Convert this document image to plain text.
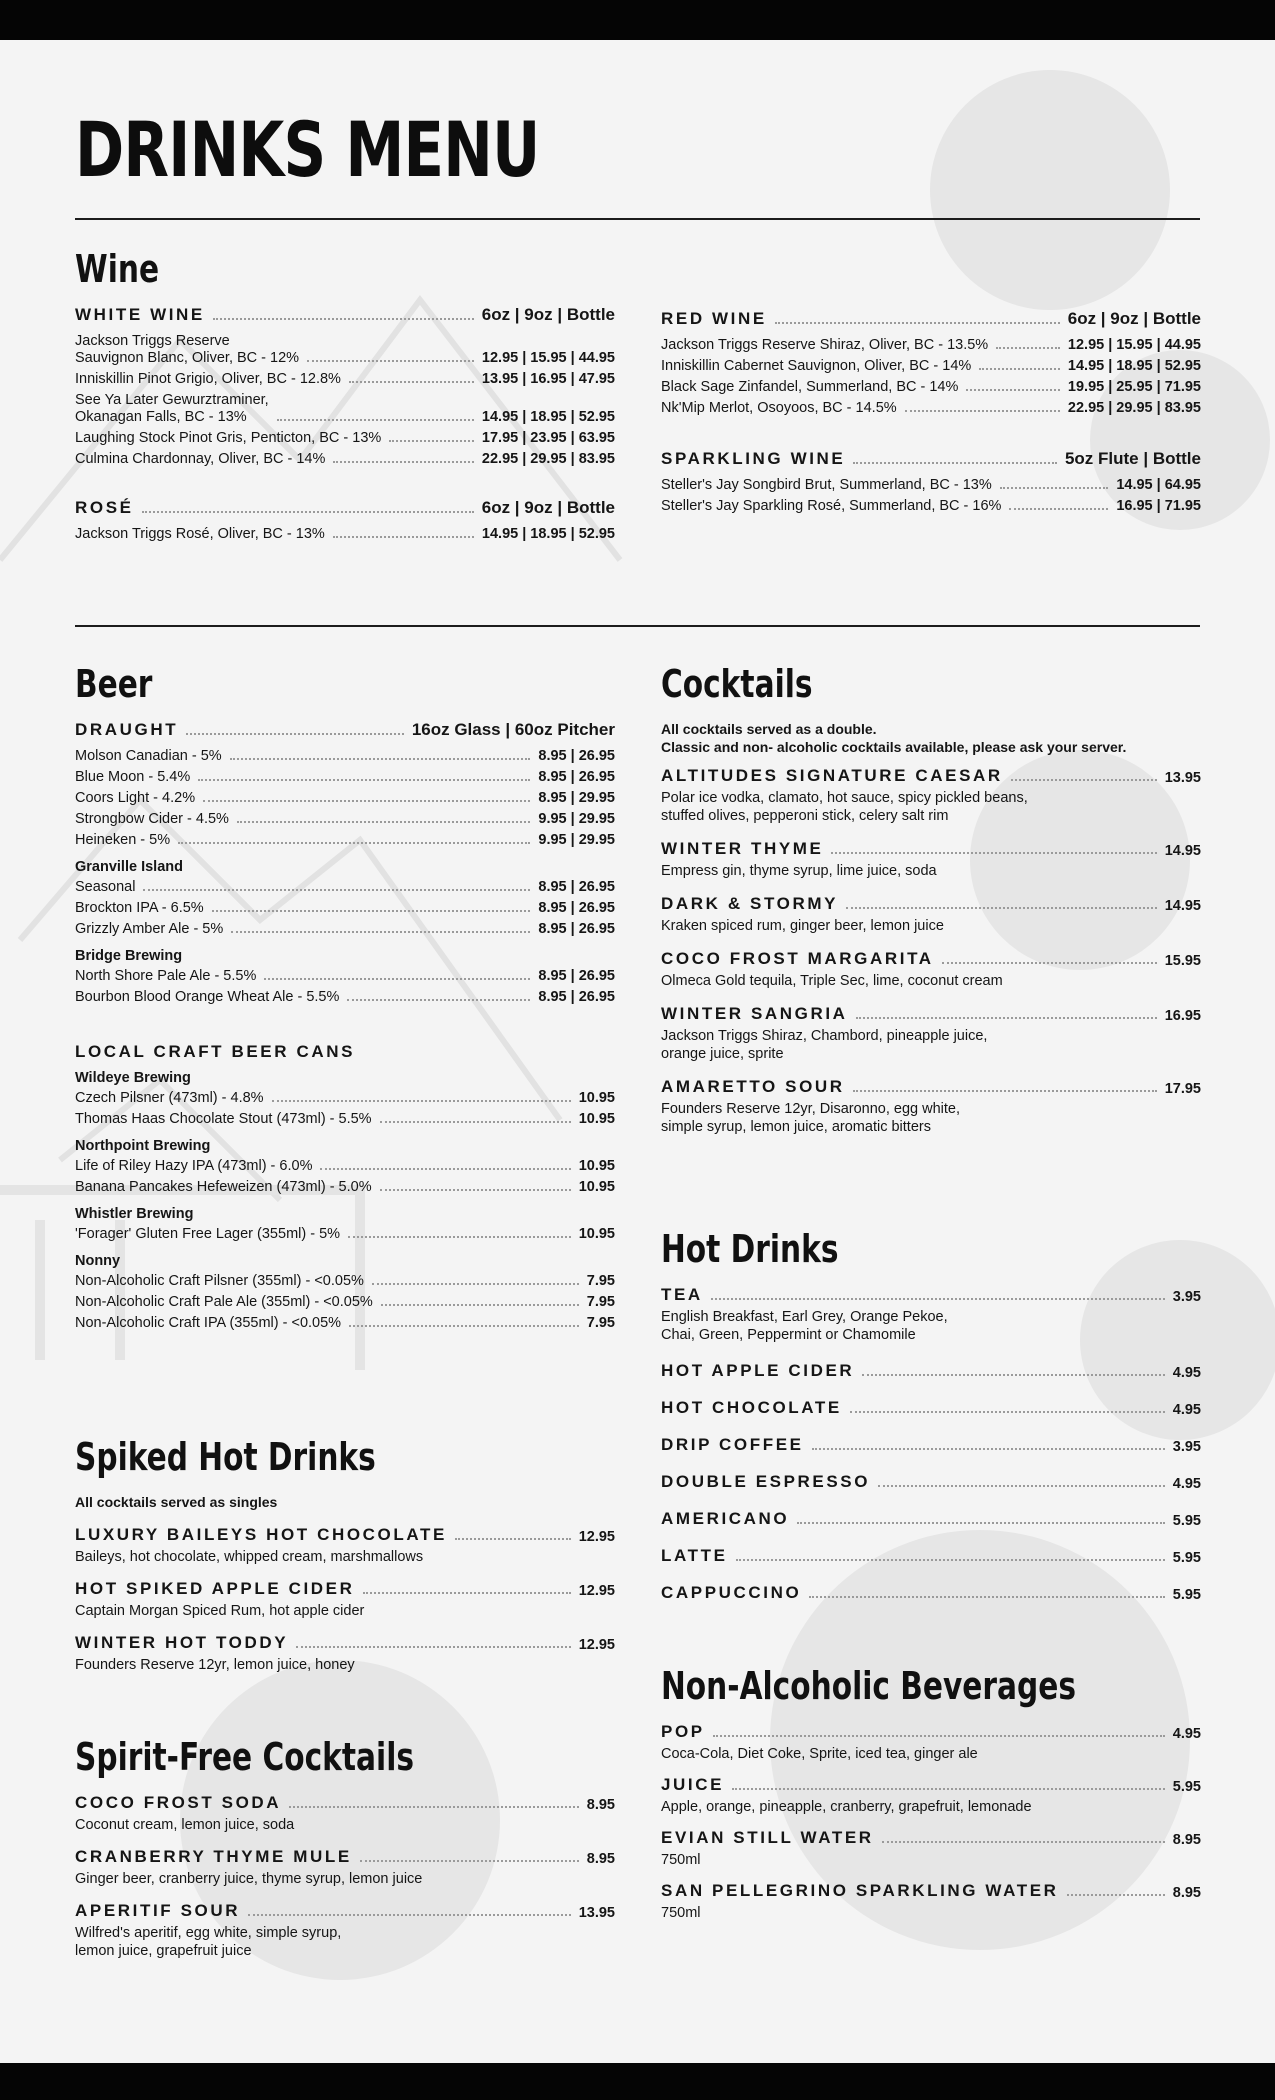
DRINKS MENU
Wine
WHITE WINE	6oz | 9oz | Bottle
Jackson Triggs Reserve
Sauvignon Blanc, Oliver, BC - 12%	12.95 | 15.95 | 44.95
Inniskillin Pinot Grigio, Oliver, BC - 12.8%	13.95 | 16.95 | 47.95
See Ya Later Gewurztraminer,
Okanagan Falls, BC - 13%	14.95 | 18.95 | 52.95
Laughing Stock Pinot Gris, Penticton, BC - 13%	17.95 | 23.95 | 63.95
Culmina Chardonnay, Oliver, BC - 14%	22.95 | 29.95 | 83.95
ROSÉ	6oz | 9oz | Bottle
Jackson Triggs Rosé, Oliver, BC - 13%	14.95 | 18.95 | 52.95
RED WINE	6oz | 9oz | Bottle
Jackson Triggs Reserve Shiraz, Oliver, BC - 13.5%	12.95 | 15.95 | 44.95
Inniskillin Cabernet Sauvignon, Oliver, BC - 14%	14.95 | 18.95 | 52.95
Black Sage Zinfandel, Summerland, BC - 14%	19.95 | 25.95 | 71.95
Nk'Mip Merlot, Osoyoos, BC - 14.5%	22.95 | 29.95 | 83.95
SPARKLING WINE	5oz Flute | Bottle
Steller's Jay Songbird Brut, Summerland, BC - 13%	14.95 | 64.95
Steller's Jay Sparkling Rosé, Summerland, BC - 16%	16.95 | 71.95
Beer
DRAUGHT	16oz Glass | 60oz Pitcher
Molson Canadian - 5%	8.95 | 26.95
Blue Moon - 5.4%	8.95 | 26.95
Coors Light - 4.2%	8.95 | 29.95
Strongbow Cider - 4.5%	9.95 | 29.95
Heineken - 5%	9.95 | 29.95
Granville Island
Seasonal	8.95 | 26.95
Brockton IPA - 6.5%	8.95 | 26.95
Grizzly Amber Ale - 5%	8.95 | 26.95
Bridge Brewing
North Shore Pale Ale - 5.5%	8.95 | 26.95
Bourbon Blood Orange Wheat Ale - 5.5%	8.95 | 26.95
LOCAL CRAFT BEER CANS
Wildeye Brewing
Czech Pilsner (473ml) - 4.8%	10.95
Thomas Haas Chocolate Stout (473ml) - 5.5%	10.95
Northpoint Brewing
Life of Riley Hazy IPA (473ml) - 6.0%	10.95
Banana Pancakes Hefeweizen (473ml) - 5.0%	10.95
Whistler Brewing
'Forager' Gluten Free Lager (355ml) - 5%	10.95
Nonny
Non-Alcoholic Craft Pilsner (355ml) - <0.05%	7.95
Non-Alcoholic Craft Pale Ale (355ml) - <0.05%	7.95
Non-Alcoholic Craft IPA (355ml) - <0.05%	7.95
Spiked Hot Drinks
All cocktails served as singles
LUXURY BAILEYS HOT CHOCOLATE	12.95
Baileys, hot chocolate, whipped cream, marshmallows
HOT SPIKED APPLE CIDER	12.95
Captain Morgan Spiced Rum, hot apple cider
WINTER HOT TODDY	12.95
Founders Reserve 12yr, lemon juice, honey
Spirit-Free Cocktails
COCO FROST SODA	8.95
Coconut cream, lemon juice, soda
CRANBERRY THYME MULE	8.95
Ginger beer, cranberry juice, thyme syrup, lemon juice
APERITIF SOUR	13.95
Wilfred's aperitif, egg white, simple syrup,
lemon juice, grapefruit juice
Cocktails
All cocktails served as a double.
Classic and non- alcoholic cocktails available, please ask your server.
ALTITUDES SIGNATURE CAESAR	13.95
Polar ice vodka, clamato, hot sauce, spicy pickled beans,
stuffed olives, pepperoni stick, celery salt rim
WINTER THYME	14.95
Empress gin, thyme syrup, lime juice, soda
DARK & STORMY	14.95
Kraken spiced rum, ginger beer, lemon juice
COCO FROST MARGARITA	15.95
Olmeca Gold tequila, Triple Sec, lime, coconut cream
WINTER SANGRIA	16.95
Jackson Triggs Shiraz, Chambord, pineapple juice,
orange juice, sprite
AMARETTO SOUR	17.95
Founders Reserve 12yr, Disaronno, egg white,
simple syrup, lemon juice, aromatic bitters
Hot Drinks
TEA	3.95
English Breakfast, Earl Grey, Orange Pekoe,
Chai, Green, Peppermint or Chamomile
HOT APPLE CIDER	4.95
HOT CHOCOLATE	4.95
DRIP COFFEE	3.95
DOUBLE ESPRESSO	4.95
AMERICANO	5.95
LATTE	5.95
CAPPUCCINO	5.95
Non-Alcoholic Beverages
POP	4.95
Coca-Cola, Diet Coke, Sprite, iced tea, ginger ale
JUICE	5.95
Apple, orange, pineapple, cranberry, grapefruit, lemonade
EVIAN STILL WATER	8.95
750ml
SAN PELLEGRINO SPARKLING WATER	8.95
750ml
